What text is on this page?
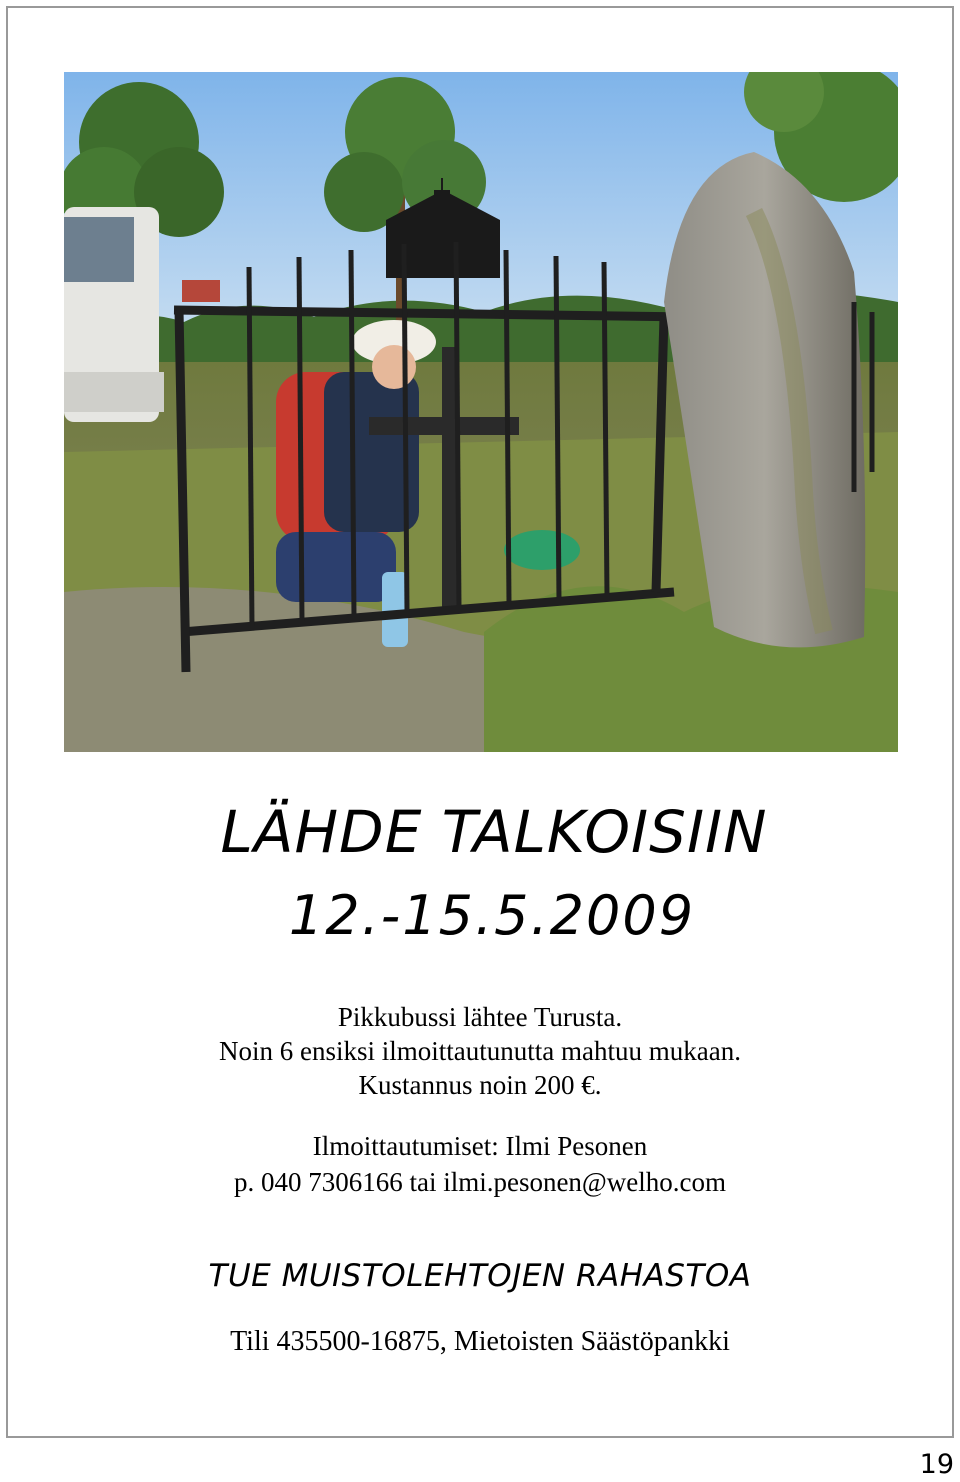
LÄHDE TALKOISIIN
12.-15.5.2009
Pikkubussi lähtee Turusta.
Noin 6 ensiksi ilmoittautunutta mahtuu mukaan.
Kustannus noin 200 €.
Ilmoittautumiset: Ilmi Pesonen
p. 040 7306166 tai ilmi.pesonen@welho.com
TUE MUISTOLEHTOJEN RAHASTOA
Tili 435500-16875, Mietoisten Säästöpankki
19
